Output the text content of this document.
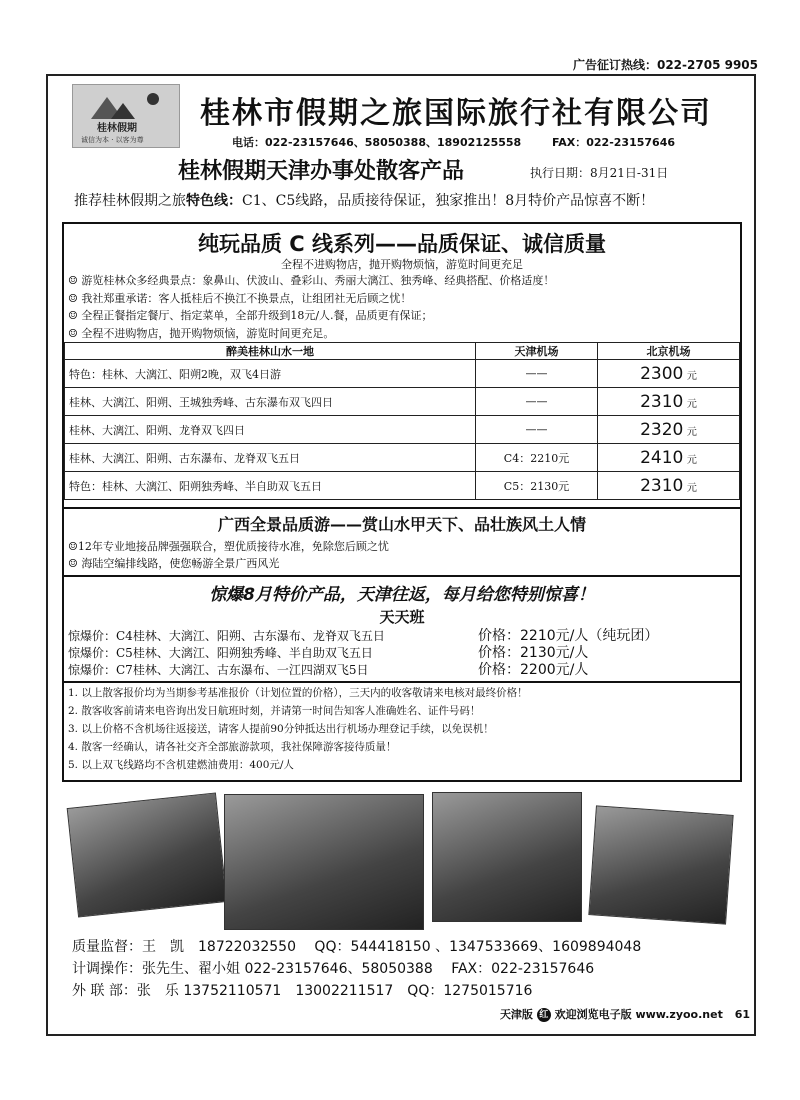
广告征订热线：022-2705 9905
桂林假期
诚信为本 · 以客为尊
桂林市假期之旅国际旅行社有限公司
电话：022-23157646、58050388、18902125558	FAX：022-23157646
桂林假期天津办事处散客产品	执行日期：8月21日-31日
推荐桂林假期之旅特色线：C1、C5线路，品质接待保证，独家推出！8月特价产品惊喜不断！
纯玩品质 C 线系列——品质保证、诚信质量
全程不进购物店，抛开购物烦恼，游览时间更充足
☺ 游览桂林众多经典景点：象鼻山、伏波山、叠彩山、秀丽大漓江、独秀峰、经典搭配、价格适度！
☺ 我社郑重承诺：客人抵桂后不换江不换景点，让组团社无后顾之忧！
☺ 全程正餐指定餐厅、指定菜单，全部升级到18元/人.餐，品质更有保证；
☺ 全程不进购物店，抛开购物烦恼，游览时间更充足。
醉美桂林山水一地	天津机场	北京机场
特色：桂林、大漓江、阳朔2晚，双飞4日游	——	2300 元
桂林、大漓江、阳朔、王城独秀峰、古东瀑布双飞四日	——	2310 元
桂林、大漓江、阳朔、龙脊双飞四日	——	2320 元
桂林、大漓江、阳朔、古东瀑布、龙脊双飞五日	C4：2210元	2410 元
特色：桂林、大漓江、阳朔独秀峰、半自助双飞五日	C5：2130元	2310 元
广西全景品质游——赏山水甲天下、品壮族风土人情
☺12年专业地接品牌强强联合，塑优质接待水准，免除您后顾之忧
☺ 海陆空编排线路，使您畅游全景广西风光
惊爆8月特价产品，天津往返，每月给您特别惊喜！
天天班
惊爆价：C4桂林、大漓江、阳朔、古东瀑布、龙脊双飞五日	价格：2210元/人（纯玩团）
惊爆价：C5桂林、大漓江、阳朔独秀峰、半自助双飞五日	价格：2130元/人
惊爆价：C7桂林、大漓江、古东瀑布、一江四湖双飞5日	价格：2200元/人
1. 以上散客报价均为当期参考基准报价（计划位置的价格），三天内的收客敬请来电核对最终价格！
2. 散客收客前请来电咨询出发日航班时刻，并请第一时间告知客人准确姓名、证件号码！
3. 以上价格不含机场往返接送，请客人提前90分钟抵达出行机场办理登记手续，以免误机！
4. 散客一经确认，请各社交齐全部旅游款项，我社保障游客接待质量！
5. 以上双飞线路均不含机建燃油费用：400元/人
质量监督：王　凯　18722032550　 QQ：544418150 、1347533669、1609894048
计调操作：张先生、翟小姐 022-23157646、58050388　 FAX：022-23157646
外 联 部：张　乐 13752110571　13002211517　QQ：1275015716
天津版 红 欢迎浏览电子版 www.zyoo.net 61
